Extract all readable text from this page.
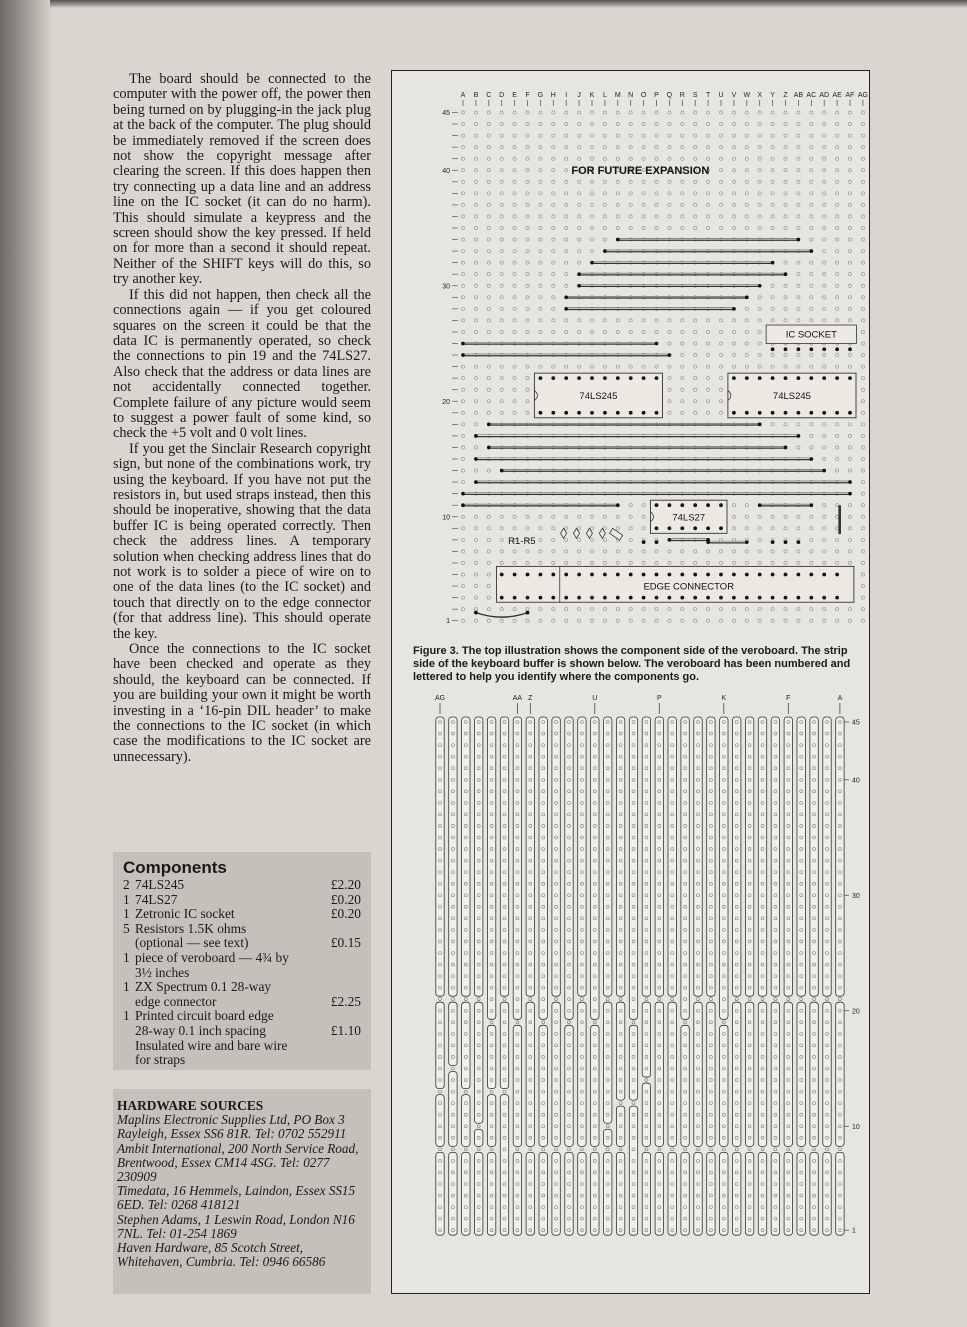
The board should be connected to the computer with the power off, the power then being turned on by plugging-in the jack plug at the back of the computer. The plug should be immediately removed if the screen does not show the copyright message after clearing the screen. If this does happen then try connecting up a data line and an address line on the IC socket (it can do no harm). This should simulate a keypress and the screen should show the key pressed. If held on for more than a second it should repeat. Neither of the SHIFT keys will do this, so try another key.

If this did not happen, then check all the connections again — if you get coloured squares on the screen it could be that the data IC is permanently operated, so check the connections to pin 19 and the 74LS27. Also check that the address or data lines are not accidentally connected together. Complete failure of any picture would seem to suggest a power fault of some kind, so check the +5 volt and 0 volt lines.

If you get the Sinclair Research copyright sign, but none of the combinations work, try using the keyboard. If you have not put the resistors in, but used straps instead, then this should be inoperative, showing that the data buffer IC is being operated correctly. Then check the address lines. A temporary solution when checking address lines that do not work is to solder a piece of wire on to one of the data lines (to the IC socket) and touch that directly on to the edge connector (for that address line). This should operate the key.

Once the connections to the IC socket have been checked and operate as they should, the keyboard can be connected. If you are building your own it might be worth investing in a ‘16-pin DIL header’ to make the connections to the IC socket (in which case the modifications to the IC socket are unnecessary).

Components
2 74LS245	£2.20
1 74LS27	£0.20
1 Zetronic IC socket	£0.20
5 Resistors 1.5K ohms
(optional — see text)	£0.15
1 piece of veroboard — 4¾ by
3½ inches
1 ZX Spectrum 0.1 28-way
edge connector	£2.25
1 Printed circuit board edge
28-way 0.1 inch spacing	£1.10
Insulated wire and bare wire
for straps
HARDWARE SOURCES

Maplins Electronic Supplies Ltd, PO Box 3 Rayleigh, Essex SS6 81R. Tel: 0702 552911

Ambit International, 200 North Service Road, Brentwood, Essex CM14 4SG. Tel: 0277 230909

Timedata, 16 Hemmels, Laindon, Essex SS15 6ED. Tel: 0268 418121

Stephen Adams, 1 Leswin Road, London N16 7NL. Tel: 01-254 1869

Haven Hardware, 85 Scotch Street, Whitehaven, Cumbria. Tel: 0946 66586

A B C D E F G H I J K L M N O P Q R S T U V W X Y Z AB AC AD AE AF AG
45
40
30
20
10
1
FOR FUTURE EXPANSION
IC SOCKET
74LS245	74LS245
74LS27
R1-R5
EDGE CONNECTOR
Figure 3. The top illustration shows the component side of the veroboard. The strip side of the keyboard buffer is shown below. The veroboard has been numbered and lettered to help you identify where the components go.
AG	AA Z	U	P	K	F	A
45
40
30
20
10
1
